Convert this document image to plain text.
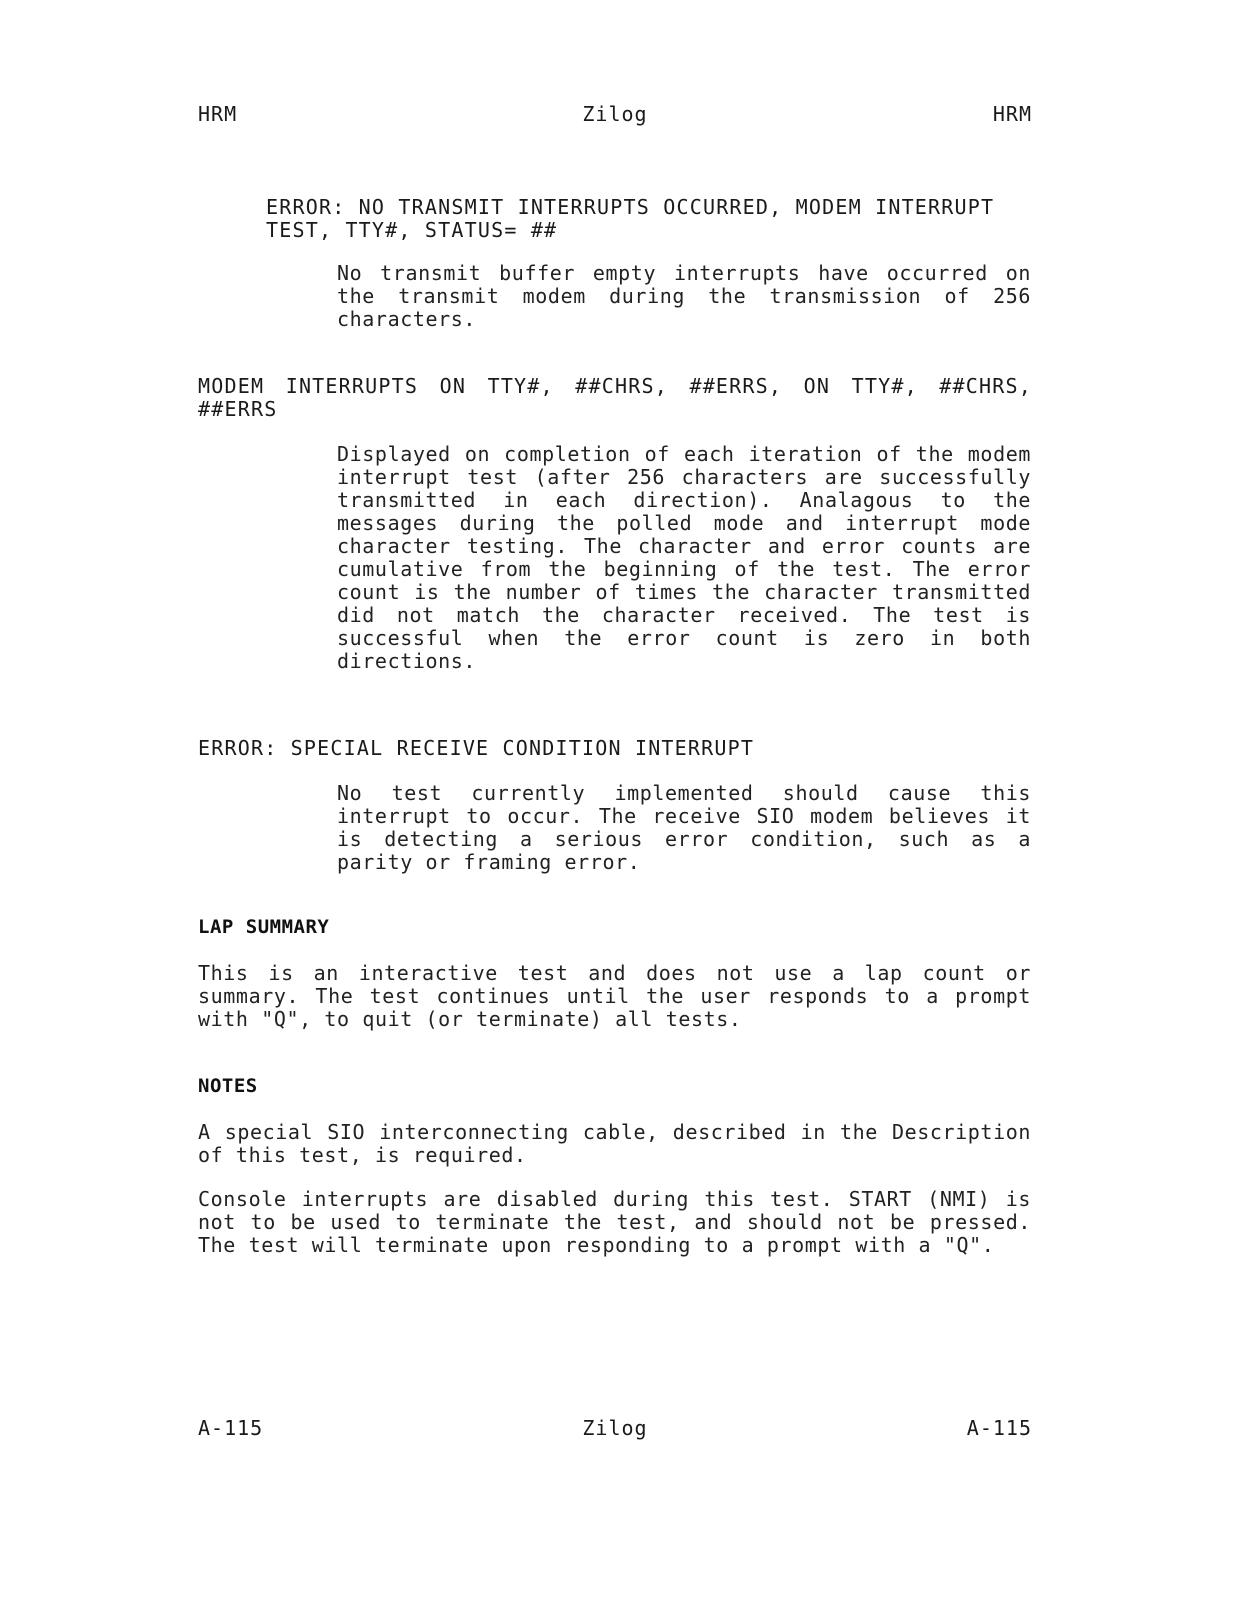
HRM	Zilog	HRM
ERROR: NO TRANSMIT INTERRUPTS OCCURRED, MODEM INTERRUPT TEST, TTY#, STATUS= ##
No transmit buffer empty interrupts have occurred on the transmit modem during the transmission of 256 characters.
MODEM INTERRUPTS ON TTY#, ##CHRS, ##ERRS, ON TTY#, ##CHRS, ##ERRS
Displayed on completion of each iteration of the modem interrupt test (after 256 characters are successfully transmitted in each direction). Analagous to the messages during the polled mode and interrupt mode character testing. The character and error counts are cumulative from the beginning of the test. The error count is the number of times the character transmitted did not match the character received. The test is successful when the error count is zero in both directions.
ERROR: SPECIAL RECEIVE CONDITION INTERRUPT
No test currently implemented should cause this interrupt to occur. The receive SIO modem believes it is detecting a serious error condition, such as a parity or framing error.
LAP SUMMARY
This is an interactive test and does not use a lap count or summary. The test continues until the user responds to a prompt with "Q", to quit (or terminate) all tests.
NOTES
A special SIO interconnecting cable, described in the Description of this test, is required.
Console interrupts are disabled during this test. START (NMI) is not to be used to terminate the test, and should not be pressed. The test will terminate upon responding to a prompt with a "Q".
A-115	Zilog	A-115
